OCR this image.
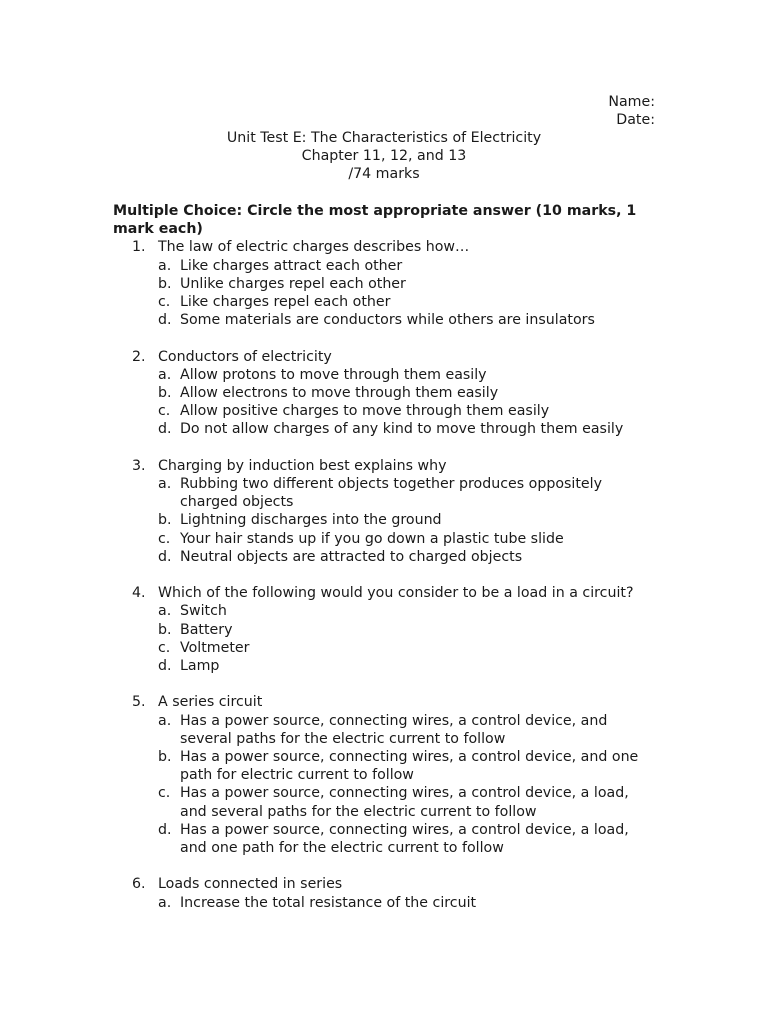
Name:
Date:
Unit Test E: The Characteristics of Electricity
Chapter 11, 12, and 13
/74 marks
Multiple Choice: Circle the most appropriate answer (10 marks, 1 mark each)
1. The law of electric charges describes how…
a. Like charges attract each other
b. Unlike charges repel each other
c. Like charges repel each other
d. Some materials are conductors while others are insulators
2. Conductors of electricity
a. Allow protons to move through them easily
b. Allow electrons to move through them easily
c. Allow positive charges to move through them easily
d. Do not allow charges of any kind to move through them easily
3. Charging by induction best explains why
a. Rubbing two different objects together produces oppositely charged objects
b. Lightning discharges into the ground
c. Your hair stands up if you go down a plastic tube slide
d. Neutral objects are attracted to charged objects
4. Which of the following would you consider to be a load in a circuit?
a. Switch
b. Battery
c. Voltmeter
d. Lamp
5. A series circuit
a. Has a power source, connecting wires, a control device, and several paths for the electric current to follow
b. Has a power source, connecting wires, a control device, and one path for electric current to follow
c. Has a power source, connecting wires, a control device, a load, and several paths for the electric current to follow
d. Has a power source, connecting wires, a control device, a load, and one path for the electric current to follow
6. Loads connected in series
a. Increase the total resistance of the circuit
